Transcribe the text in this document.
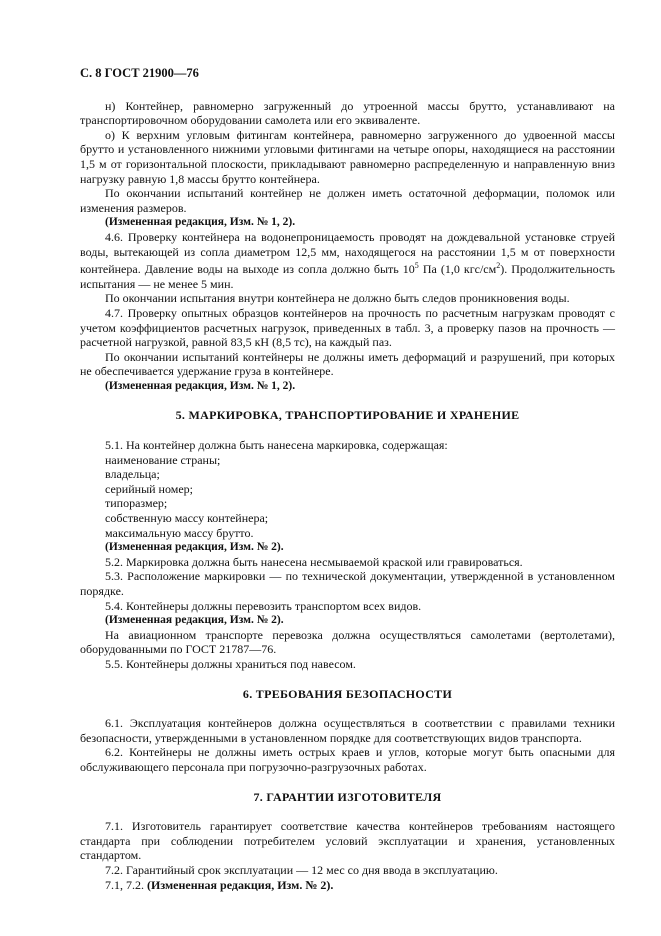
С. 8 ГОСТ 21900—76

н) Контейнер, равномерно загруженный до утроенной массы брутто, устанавливают на транспортировочном оборудовании самолета или его эквиваленте.

о) К верхним угловым фитингам контейнера, равномерно загруженного до удвоенной массы брутто и установленного нижними угловыми фитингами на четыре опоры, находящиеся на расстоянии 1,5 м от горизонтальной плоскости, прикладывают равномерно распределенную и направленную вниз нагрузку равную 1,8 массы брутто контейнера.

По окончании испытаний контейнер не должен иметь остаточной деформации, поломок или изменения размеров.

(Измененная редакция, Изм. № 1, 2).

4.6. Проверку контейнера на водонепроницаемость проводят на дождевальной установке струей воды, вытекающей из сопла диаметром 12,5 мм, находящегося на расстоянии 1,5 м от поверхности контейнера. Давление воды на выходе из сопла должно быть $10^5$ Па (1,0 кгс/$см^2$). Продолжительность испытания — не менее 5 мин.

По окончании испытания внутри контейнера не должно быть следов проникновения воды.

4.7. Проверку опытных образцов контейнеров на прочность по расчетным нагрузкам проводят с учетом коэффициентов расчетных нагрузок, приведенных в табл. 3, а проверку пазов на прочность — расчетной нагрузкой, равной 83,5 кН (8,5 тс), на каждый паз.

По окончании испытаний контейнеры не должны иметь деформаций и разрушений, при которых не обеспечивается удержание груза в контейнере.

(Измененная редакция, Изм. № 1, 2).

5. МАРКИРОВКА, ТРАНСПОРТИРОВАНИЕ И ХРАНЕНИЕ

5.1. На контейнер должна быть нанесена маркировка, содержащая:

наименование страны;

владельца;

серийный номер;

типоразмер;

собственную массу контейнера;

максимальную массу брутто.

(Измененная редакция, Изм. № 2).

5.2. Маркировка должна быть нанесена несмываемой краской или гравироваться.

5.3. Расположение маркировки — по технической документации, утвержденной в установленном порядке.

5.4. Контейнеры должны перевозить транспортом всех видов.

(Измененная редакция, Изм. № 2).

На авиационном транспорте перевозка должна осуществляться самолетами (вертолетами), оборудованными по ГОСТ 21787—76.

5.5. Контейнеры должны храниться под навесом.

6. ТРЕБОВАНИЯ БЕЗОПАСНОСТИ

6.1. Эксплуатация контейнеров должна осуществляться в соответствии с правилами техники безопасности, утвержденными в установленном порядке для соответствующих видов транспорта.

6.2. Контейнеры не должны иметь острых краев и углов, которые могут быть опасными для обслуживающего персонала при погрузочно-разгрузочных работах.

7. ГАРАНТИИ ИЗГОТОВИТЕЛЯ

7.1. Изготовитель гарантирует соответствие качества контейнеров требованиям настоящего стандарта при соблюдении потребителем условий эксплуатации и хранения, установленных стандартом.

7.2. Гарантийный срок эксплуатации — 12 мес со дня ввода в эксплуатацию.

7.1, 7.2. (Измененная редакция, Изм. № 2).
